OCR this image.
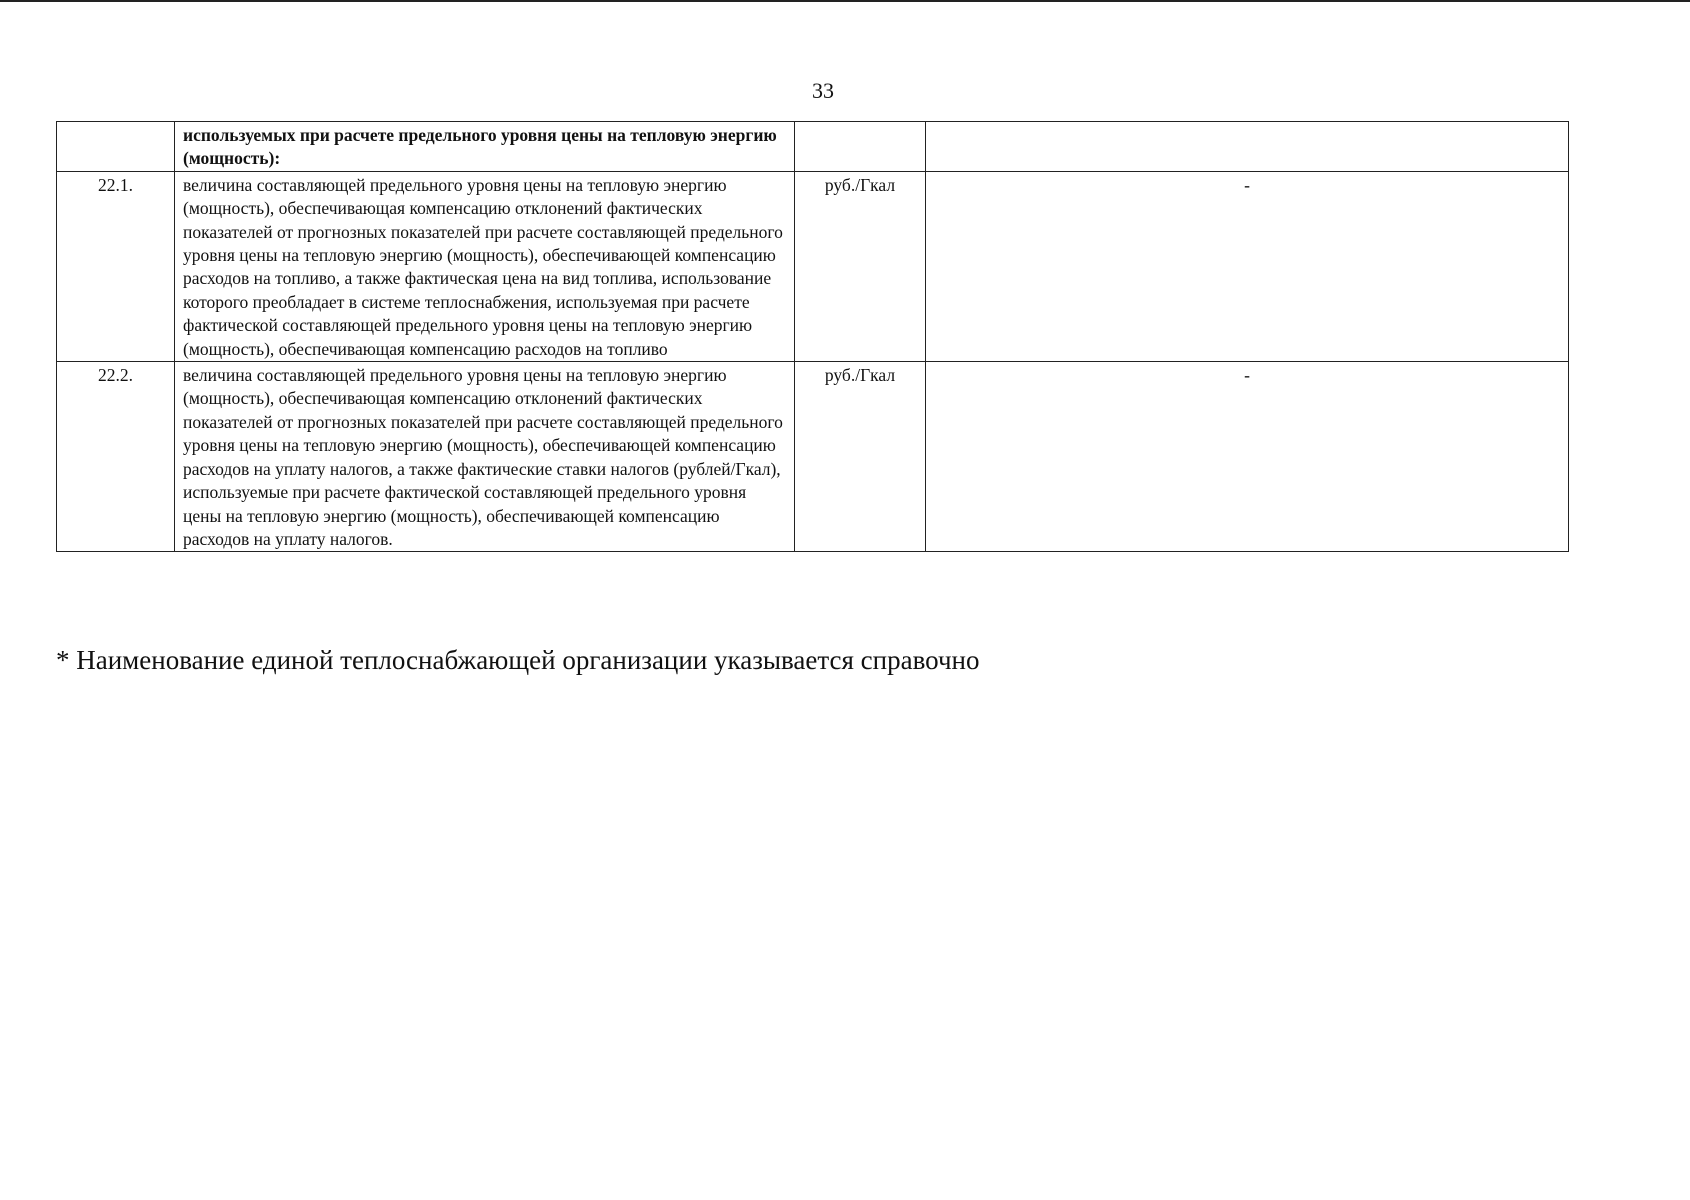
33
	используемых при расчете предельного уровня цены на тепловую энергию (мощность):		
22.1.	величина составляющей предельного уровня цены на тепловую энергию (мощность), обеспечивающая компенсацию отклонений фактических показателей от прогнозных показателей при расчете составляющей предельного уровня цены на тепловую энергию (мощность), обеспечивающей компенсацию расходов на топливо, а также фактическая цена на вид топлива, использование которого преобладает в системе теплоснабжения, используемая при расчете фактической составляющей предельного уровня цены на тепловую энергию (мощность), обеспечивающая компенсацию расходов на топливо	руб./Гкал	-
22.2.	величина составляющей предельного уровня цены на тепловую энергию (мощность), обеспечивающая компенсацию отклонений фактических показателей от прогнозных показателей при расчете составляющей предельного уровня цены на тепловую энергию (мощность), обеспечивающей компенсацию расходов на уплату налогов, а также фактические ставки налогов (рублей/Гкал), используемые при расчете фактической составляющей предельного уровня цены на тепловую энергию (мощность), обеспечивающей компенсацию расходов на уплату налогов.	руб./Гкал	-
* Наименование единой теплоснабжающей организации указывается справочно
